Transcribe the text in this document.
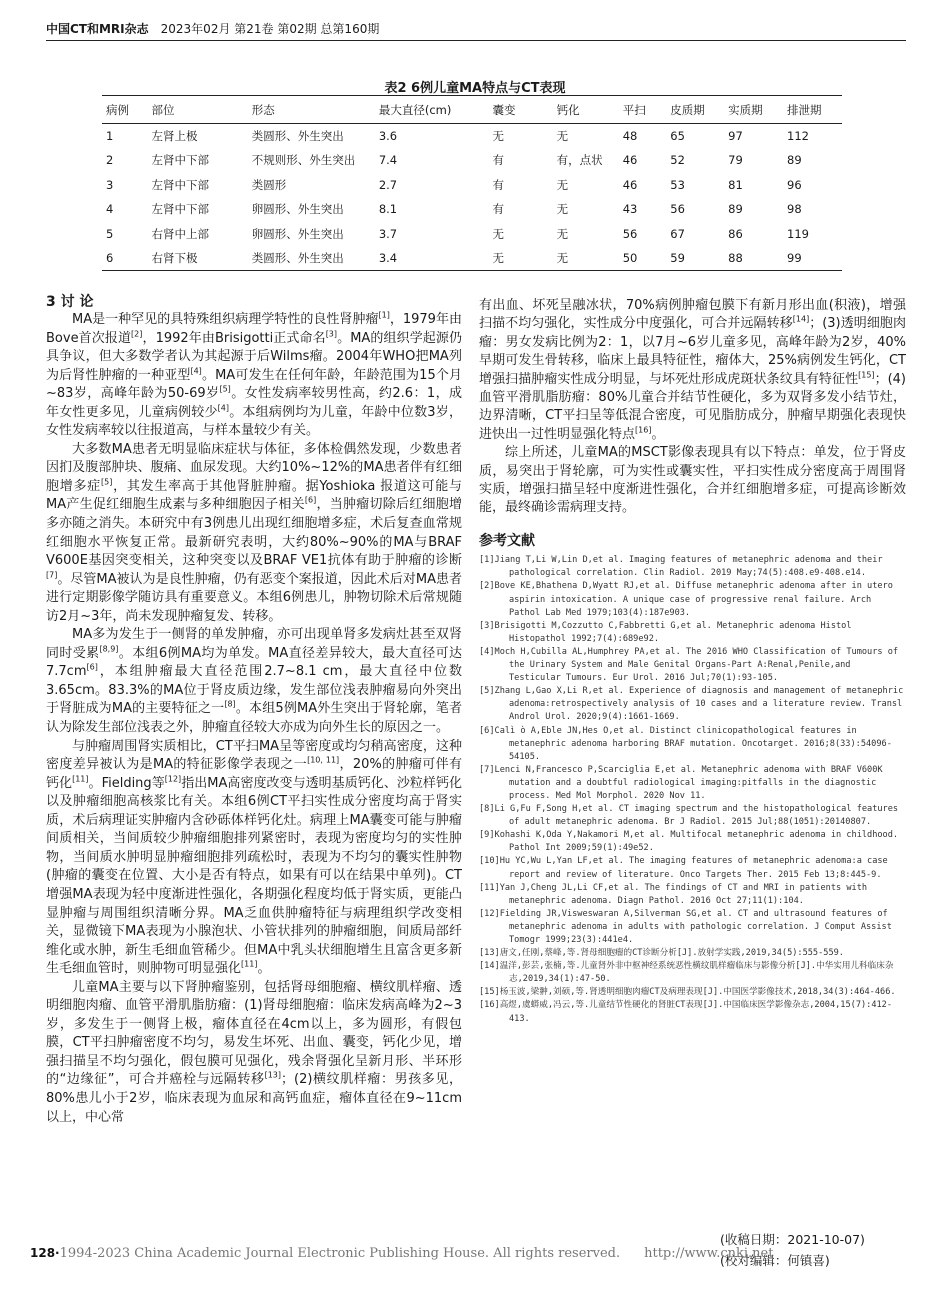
中国CT和MRI杂志 2023年02月 第21卷 第02期 总第160期
表2 6例儿童MA特点与CT表现
病例	部位	形态	最大直径(cm)	囊变	钙化	平扫	皮质期	实质期	排泄期
1	左肾上极	类圆形、外生突出	3.6	无	无	48	65	97	112
2	左肾中下部	不规则形、外生突出	7.4	有	有，点状	46	52	79	89
3	左肾中下部	类圆形	2.7	有	无	46	53	81	96
4	左肾中下部	卵圆形、外生突出	8.1	有	无	43	56	89	98
5	右肾中上部	卵圆形、外生突出	3.7	无	无	56	67	86	119
6	右肾下极	类圆形、外生突出	3.4	无	无	50	59	88	99
3 讨 论

MA是一种罕见的具特殊组织病理学特性的良性肾肿瘤[1]，1979年由Bove首次报道[2]，1992年由Brisigotti正式命名[3]。MA的组织学起源仍具争议，但大多数学者认为其起源于后Wilms瘤。2004年WHO把MA列为后肾性肿瘤的一种亚型[4]。MA可发生在任何年龄，年龄范围为15个月~83岁，高峰年龄为50-69岁[5]。女性发病率较男性高，约2.6：1，成年女性更多见，儿童病例较少[4]。本组病例均为儿童，年龄中位数3岁，女性发病率较以往报道高，与样本量较少有关。

大多数MA患者无明显临床症状与体征，多体检偶然发现，少数患者因扪及腹部肿块、腹痛、血尿发现。大约10%~12%的MA患者伴有红细胞增多症[5]，其发生率高于其他肾脏肿瘤。据Yoshioka 报道这可能与MA产生促红细胞生成素与多种细胞因子相关[6]，当肿瘤切除后红细胞增多亦随之消失。本研究中有3例患儿出现红细胞增多症，术后复查血常规红细胞水平恢复正常。最新研究表明，大约80%~90%的MA与BRAF V600E基因突变相关，这种突变以及BRAF VE1抗体有助于肿瘤的诊断[7]。尽管MA被认为是良性肿瘤，仍有恶变个案报道，因此术后对MA患者进行定期影像学随访具有重要意义。本组6例患儿，肿物切除术后常规随访2月~3年，尚未发现肿瘤复发、转移。

MA多为发生于一侧肾的单发肿瘤，亦可出现单肾多发病灶甚至双肾同时受累[8,9]。本组6例MA均为单发。MA直径差异较大，最大直径可达7.7cm[6]，本组肿瘤最大直径范围2.7~8.1 cm，最大直径中位数3.65cm。83.3%的MA位于肾皮质边缘，发生部位浅表肿瘤易向外突出于肾脏成为MA的主要特征之一[8]。本组5例MA外生突出于肾轮廓，笔者认为除发生部位浅表之外，肿瘤直径较大亦成为向外生长的原因之一。

与肿瘤周围肾实质相比，CT平扫MA呈等密度或均匀稍高密度，这种密度差异被认为是MA的特征影像学表现之一[10, 11]，20%的肿瘤可伴有钙化[11]。Fielding等[12]指出MA高密度改变与透明基质钙化、沙粒样钙化以及肿瘤细胞高核浆比有关。本组6例CT平扫实性成分密度均高于肾实质，术后病理证实肿瘤内含砂砾体样钙化灶。病理上MA囊变可能与肿瘤间质相关，当间质较少肿瘤细胞排列紧密时，表现为密度均匀的实性肿物，当间质水肿明显肿瘤细胞排列疏松时，表现为不均匀的囊实性肿物(肿瘤的囊变在位置、大小是否有特点，如果有可以在结果中单列)。CT增强MA表现为轻中度渐进性强化，各期强化程度均低于肾实质，更能凸显肿瘤与周围组织清晰分界。MA乏血供肿瘤特征与病理组织学改变相关，显微镜下MA表现为小腺泡状、小管状排列的肿瘤细胞，间质局部纤维化或水肿，新生毛细血管稀少。但MA中乳头状细胞增生且富含更多新生毛细血管时，则肿物可明显强化[11]。

儿童MA主要与以下肾肿瘤鉴别，包括肾母细胞瘤、横纹肌样瘤、透明细胞肉瘤、血管平滑肌脂肪瘤：(1)肾母细胞瘤：临床发病高峰为2~3岁，多发生于一侧肾上极，瘤体直径在4cm以上，多为圆形，有假包膜，CT平扫肿瘤密度不均匀，易发生坏死、出血、囊变，钙化少见，增强扫描呈不均匀强化，假包膜可见强化，残余肾强化呈新月形、半环形的“边缘征”，可合并癌栓与远隔转移[13]；(2)横纹肌样瘤：男孩多见，80%患儿小于2岁，临床表现为血尿和高钙血症，瘤体直径在9~11cm以上，中心常

有出血、坏死呈融冰状，70%病例肿瘤包膜下有新月形出血(积液)，增强扫描不均匀强化，实性成分中度强化，可合并远隔转移[14]；(3)透明细胞肉瘤：男女发病比例为2：1，以7月~6岁儿童多见，高峰年龄为2岁，40%早期可发生骨转移，临床上最具特征性，瘤体大，25%病例发生钙化，CT增强扫描肿瘤实性成分明显，与坏死灶形成虎斑状条纹具有特征性[15]；(4)血管平滑肌脂肪瘤：80%儿童合并结节性硬化，多为双肾多发小结节灶，边界清晰，CT平扫呈等低混合密度，可见脂肪成分，肿瘤早期强化表现快进快出一过性明显强化特点[16]。

综上所述，儿童MA的MSCT影像表现具有以下特点：单发，位于肾皮质，易突出于肾轮廓，可为实性或囊实性，平扫实性成分密度高于周围肾实质，增强扫描呈轻中度渐进性强化，合并红细胞增多症，可提高诊断效能，最终确诊需病理支持。

参考文献
[1]Jiang T,Li W,Lin D,et al. Imaging features of metanephric adenoma and their pathological correlation. Clin Radiol. 2019 May;74(5):408.e9-408.e14.
[2]Bove KE,Bhathena D,Wyatt RJ,et al. Diffuse metanephric adenoma after in utero aspirin intoxication. A unique case of progressive renal failure. Arch Pathol Lab Med 1979;103(4):187e903.
[3]Brisigotti M,Cozzutto C,Fabbretti G,et al. Metanephric adenoma Histol Histopathol 1992;7(4):689e92.
[4]Moch H,Cubilla AL,Humphrey PA,et al. The 2016 WHO Classification of Tumours of the Urinary System and Male Genital Organs-Part A:Renal,Penile,and Testicular Tumours. Eur Urol. 2016 Jul;70(1):93-105.
[5]Zhang L,Gao X,Li R,et al. Experience of diagnosis and management of metanephric adenoma:retrospectively analysis of 10 cases and a literature review. Transl Androl Urol. 2020;9(4):1661-1669.
[6]Calì ò A,Eble JN,Hes O,et al. Distinct clinicopathological features in metanephric adenoma harboring BRAF mutation. Oncotarget. 2016;8(33):54096-54105.
[7]Lenci N,Francesco P,Scarciglia E,et al. Metanephric adenoma with BRAF V600K mutation and a doubtful radiological imaging:pitfalls in the diagnostic process. Med Mol Morphol. 2020 Nov 11.
[8]Li G,Fu F,Song H,et al. CT imaging spectrum and the histopathological features of adult metanephric adenoma. Br J Radiol. 2015 Jul;88(1051):20140807.
[9]Kohashi K,Oda Y,Nakamori M,et al. Multifocal metanephric adenoma in childhood. Pathol Int 2009;59(1):49e52.
[10]Hu YC,Wu L,Yan LF,et al. The imaging features of metanephric adenoma:a case report and review of literature. Onco Targets Ther. 2015 Feb 13;8:445-9.
[11]Yan J,Cheng JL,Li CF,et al. The findings of CT and MRI in patients with metanephric adenoma. Diagn Pathol. 2016 Oct 27;11(1):104.
[12]Fielding JR,Visweswaran A,Silverman SG,et al. CT and ultrasound features of metanephric adenoma in adults with pathologic correlation. J Comput Assist Tomogr 1999;23(3):441e4.
[13]唐文,任刚,蔡峰,等.肾母细胞瘤的CT诊断分析[J].放射学实践,2019,34(5):555-559.
[14]温洋,彭芸,张楠,等.儿童肾外非中枢神经系统恶性横纹肌样瘤临床与影像分析[J].中华实用儿科临床杂志,2019,34(1):47-50.
[15]杨玉波,梁翀,刘硕,等.肾透明细胞肉瘤CT及病理表现[J].中国医学影像技术,2018,34(3):464-466.
[16]高煜,虞蟒威,冯云,等.儿童结节性硬化的肾脏CT表现[J].中国临床医学影像杂志,2004,15(7):412-413.
(收稿日期：2021-10-07)
(校对编辑：何镇喜)
128·1994-2023 China Academic Journal Electronic Publishing House. All rights reserved. http://www.cnki.net
